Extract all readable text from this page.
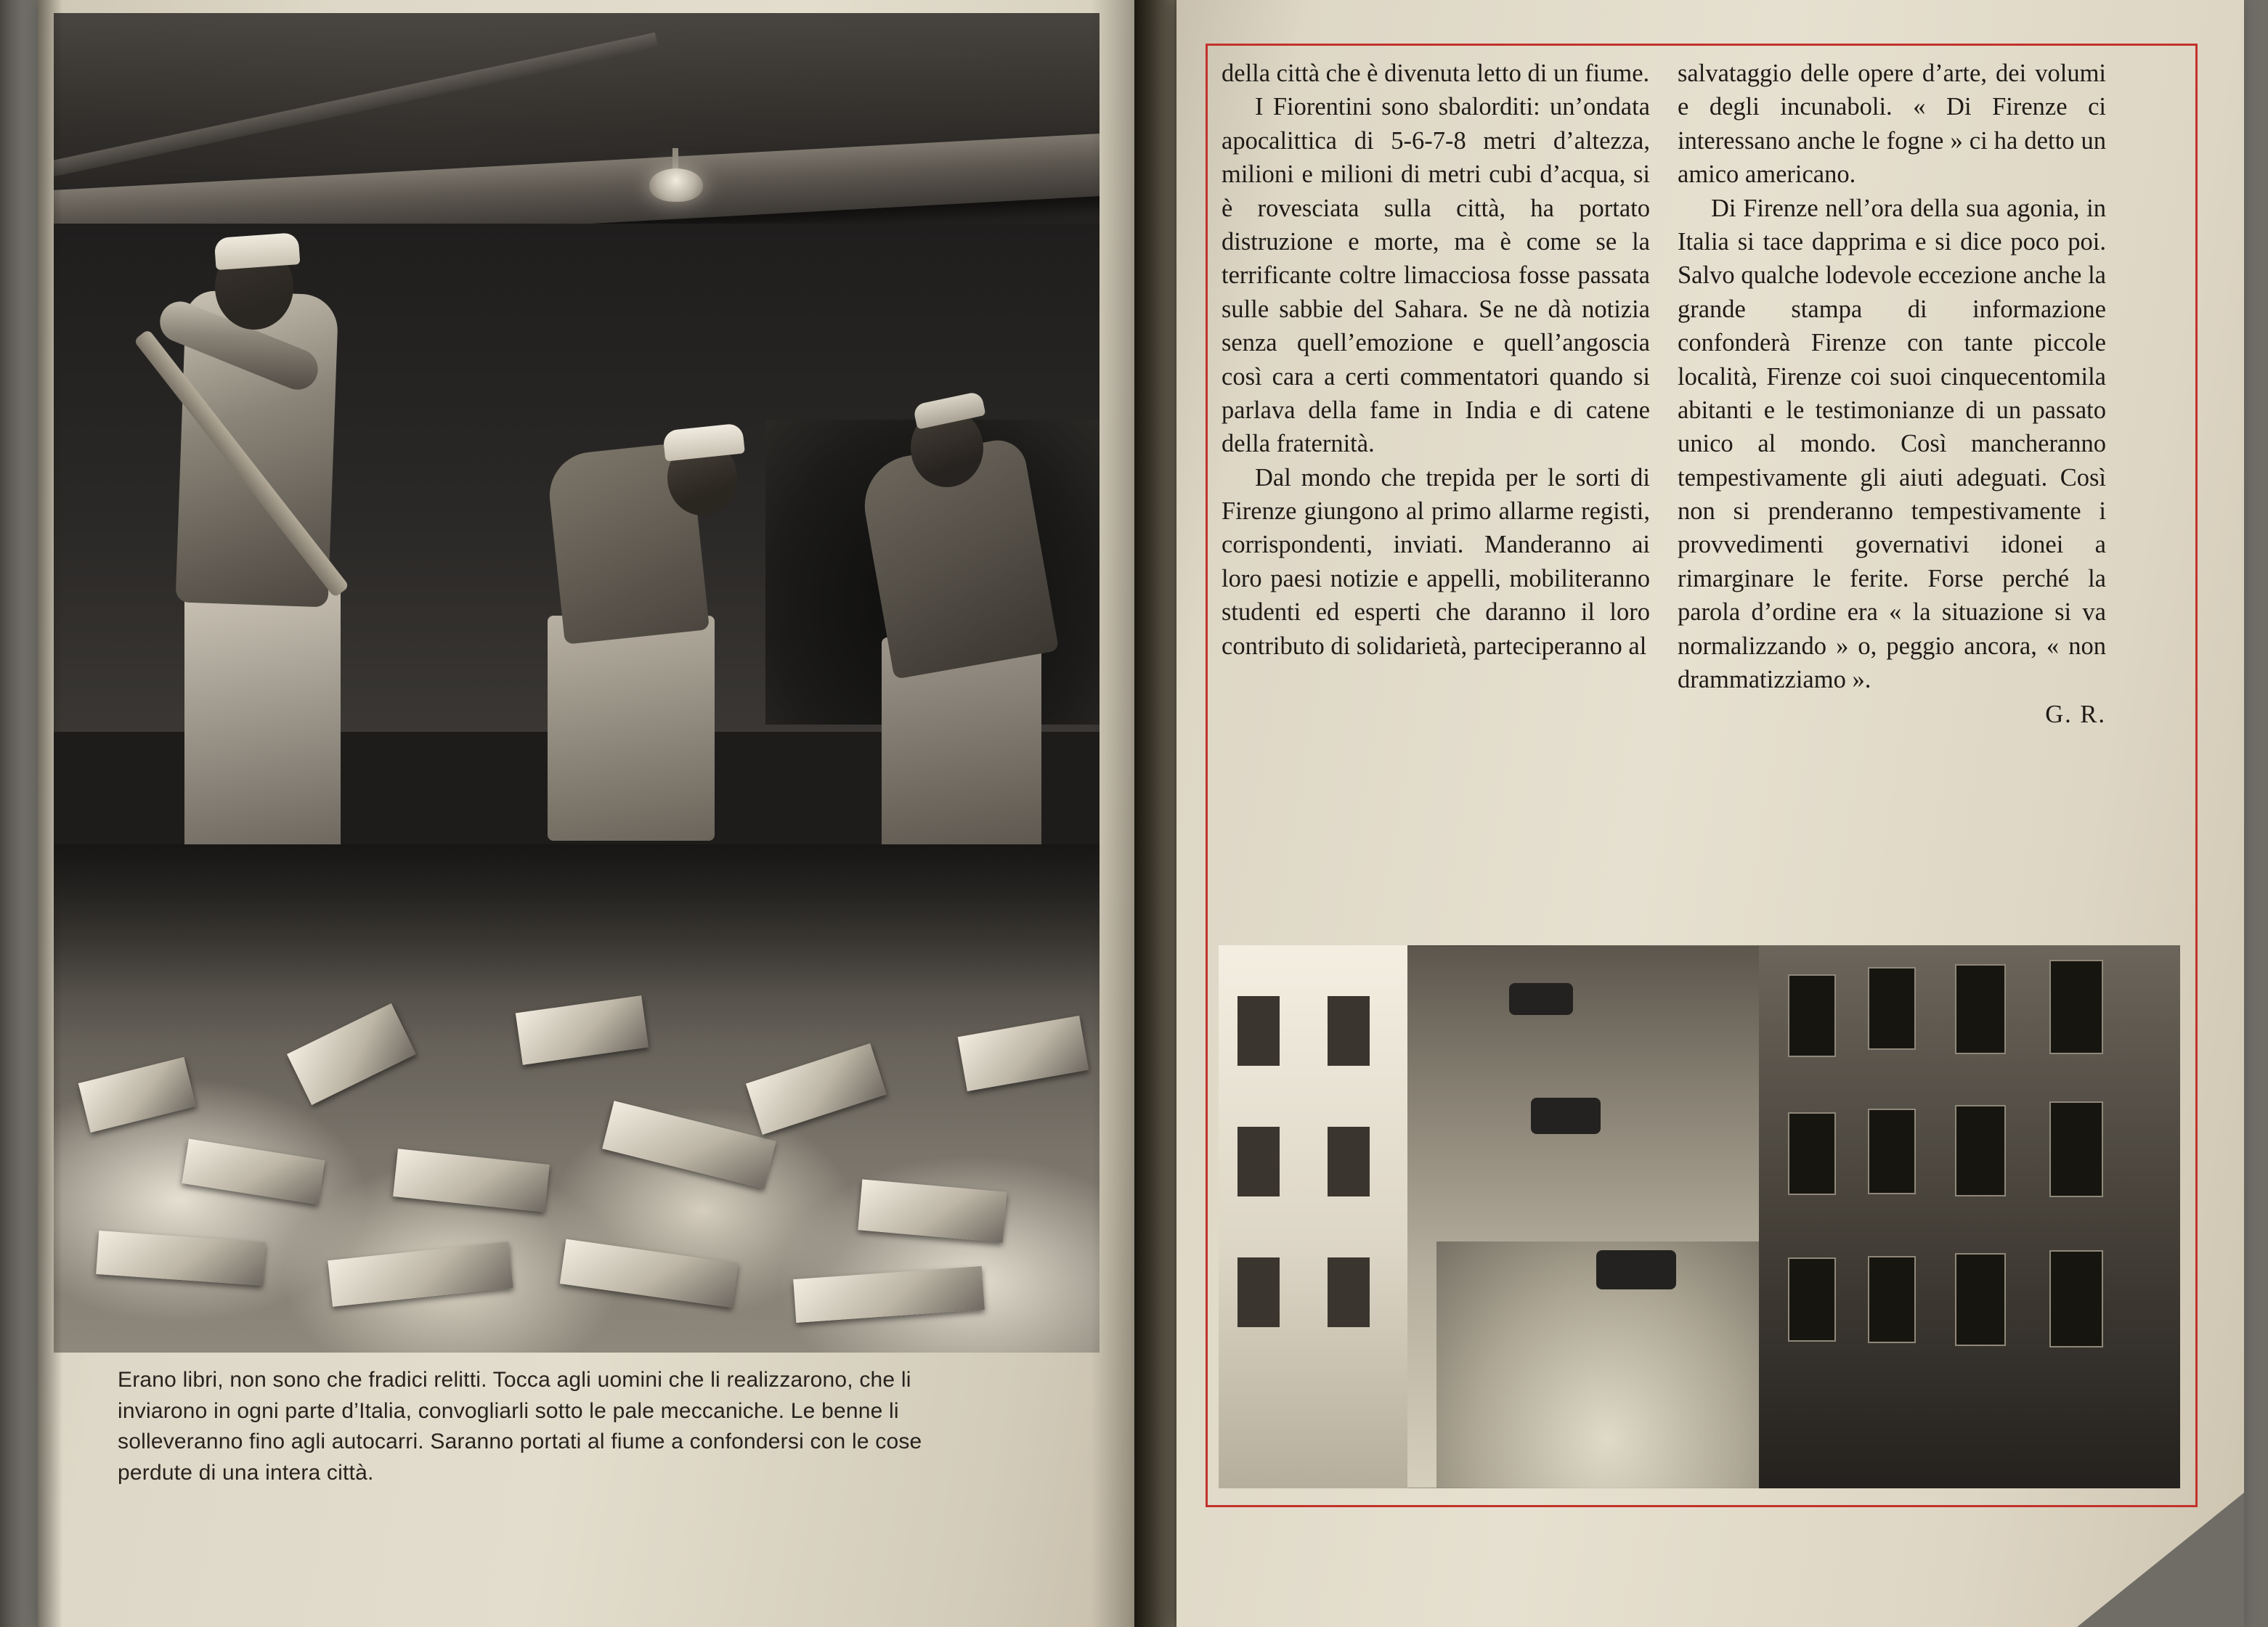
Erano libri, non sono che fradici relitti. Tocca agli uomini che li realizzarono, che li inviarono in ogni parte d’Italia, convogliarli sotto le pale meccaniche. Le benne li solleveranno fino agli autocarri. Saranno portati al fiume a confondersi con le cose perdute di una intera città.

della città che è divenuta letto di un fiume.

I Fiorentini sono sbalorditi: un’ondata apocalittica di 5-6-7-8 metri d’altezza, milioni e milioni di metri cubi d’acqua, si è rovesciata sulla città, ha portato distruzione e morte, ma è come se la terrificante coltre limacciosa fosse passata sulle sabbie del Sahara. Se ne dà notizia senza quell’emozione e quell’angoscia così cara a certi commentatori quando si parlava della fame in India e di catene della fraternità.

Dal mondo che trepida per le sorti di Firenze giungono al primo allarme registi, corrispondenti, inviati. Manderanno ai loro paesi notizie e appelli, mobiliteranno studenti ed esperti che daranno il loro contributo di solidarietà, parteciperanno al

salvataggio delle opere d’arte, dei volumi e degli incunaboli. « Di Firenze ci interessano anche le fogne » ci ha detto un amico americano.

Di Firenze nell’ora della sua agonia, in Italia si tace dapprima e si dice poco poi. Salvo qualche lodevole eccezione anche la grande stampa di informazione confonderà Firenze con tante piccole località, Firenze coi suoi cinquecentomila abitanti e le testimonianze di un passato unico al mondo. Così mancheranno tempestivamente gli aiuti adeguati. Così non si prenderanno tempestivamente i provvedimenti governativi idonei a rimarginare le ferite. Forse perché la parola d’ordine era « la situazione si va normalizzando » o, peggio ancora, « non drammatizziamo ».

G. R.
